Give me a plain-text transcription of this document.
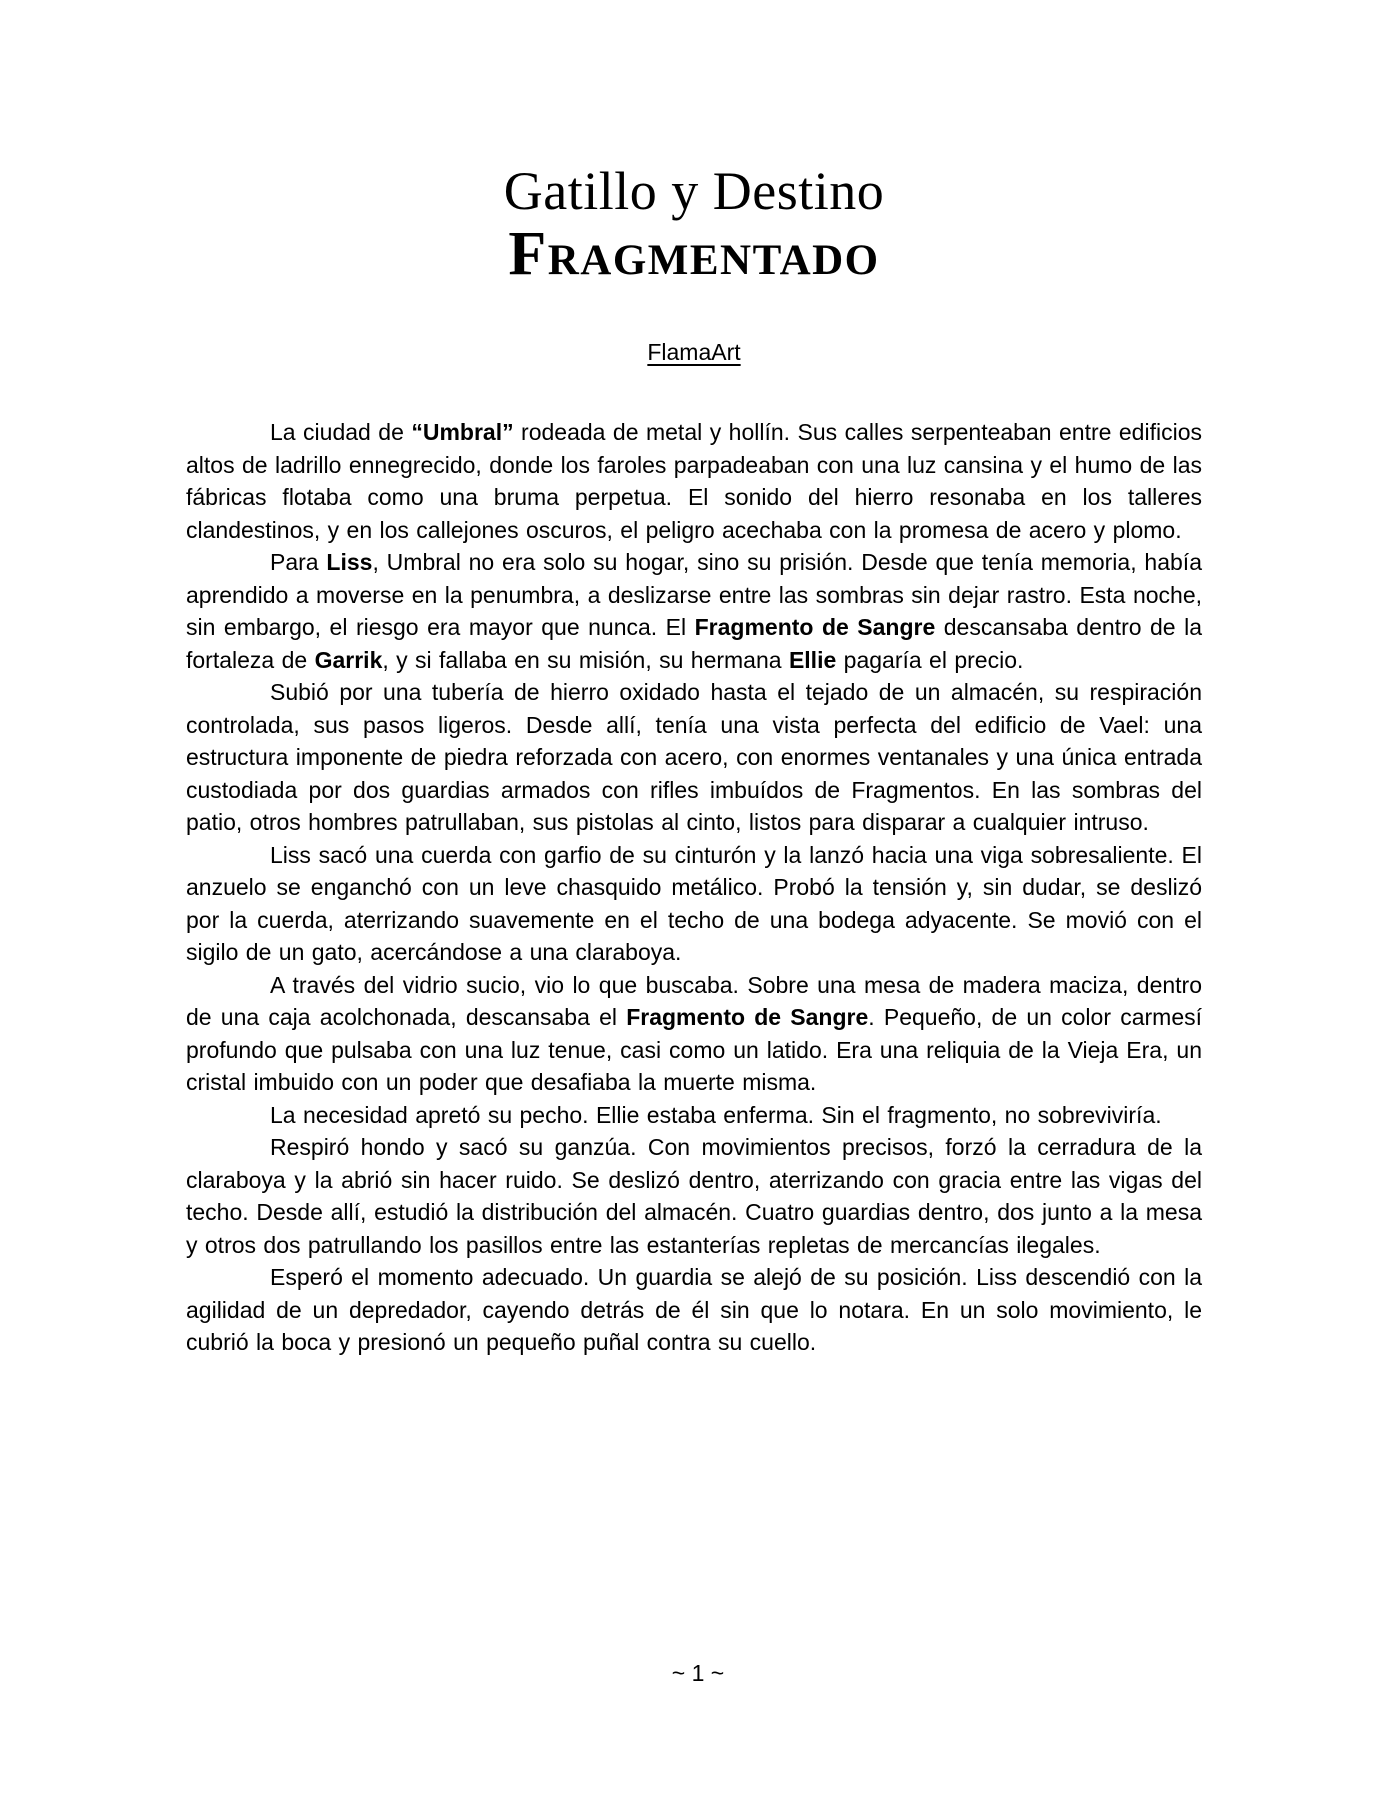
Gatillo y Destino
Fragmentado
FlamaArt

La ciudad de “Umbral” rodeada de metal y hollín. Sus calles serpenteaban entre edificios altos de ladrillo ennegrecido, donde los faroles parpadeaban con una luz cansina y el humo de las fábricas flotaba como una bruma perpetua. El sonido del hierro resonaba en los talleres clandestinos, y en los callejones oscuros, el peligro acechaba con la promesa de acero y plomo.

Para Liss, Umbral no era solo su hogar, sino su prisión. Desde que tenía memoria, había aprendido a moverse en la penumbra, a deslizarse entre las sombras sin dejar rastro. Esta noche, sin embargo, el riesgo era mayor que nunca. El Fragmento de Sangre descansaba dentro de la fortaleza de Garrik, y si fallaba en su misión, su hermana Ellie pagaría el precio.

Subió por una tubería de hierro oxidado hasta el tejado de un almacén, su respiración controlada, sus pasos ligeros. Desde allí, tenía una vista perfecta del edificio de Vael: una estructura imponente de piedra reforzada con acero, con enormes ventanales y una única entrada custodiada por dos guardias armados con rifles imbuídos de Fragmentos. En las sombras del patio, otros hombres patrullaban, sus pistolas al cinto, listos para disparar a cualquier intruso.

Liss sacó una cuerda con garfio de su cinturón y la lanzó hacia una viga sobresaliente. El anzuelo se enganchó con un leve chasquido metálico. Probó la tensión y, sin dudar, se deslizó por la cuerda, aterrizando suavemente en el techo de una bodega adyacente. Se movió con el sigilo de un gato, acercándose a una claraboya.

A través del vidrio sucio, vio lo que buscaba. Sobre una mesa de madera maciza, dentro de una caja acolchonada, descansaba el Fragmento de Sangre. Pequeño, de un color carmesí profundo que pulsaba con una luz tenue, casi como un latido. Era una reliquia de la Vieja Era, un cristal imbuido con un poder que desafiaba la muerte misma.

La necesidad apretó su pecho. Ellie estaba enferma. Sin el fragmento, no sobreviviría.

Respiró hondo y sacó su ganzúa. Con movimientos precisos, forzó la cerradura de la claraboya y la abrió sin hacer ruido. Se deslizó dentro, aterrizando con gracia entre las vigas del techo. Desde allí, estudió la distribución del almacén. Cuatro guardias dentro, dos junto a la mesa y otros dos patrullando los pasillos entre las estanterías repletas de mercancías ilegales.

Esperó el momento adecuado. Un guardia se alejó de su posición. Liss descendió con la agilidad de un depredador, cayendo detrás de él sin que lo notara. En un solo movimiento, le cubrió la boca y presionó un pequeño puñal contra su cuello.

~ 1 ~
